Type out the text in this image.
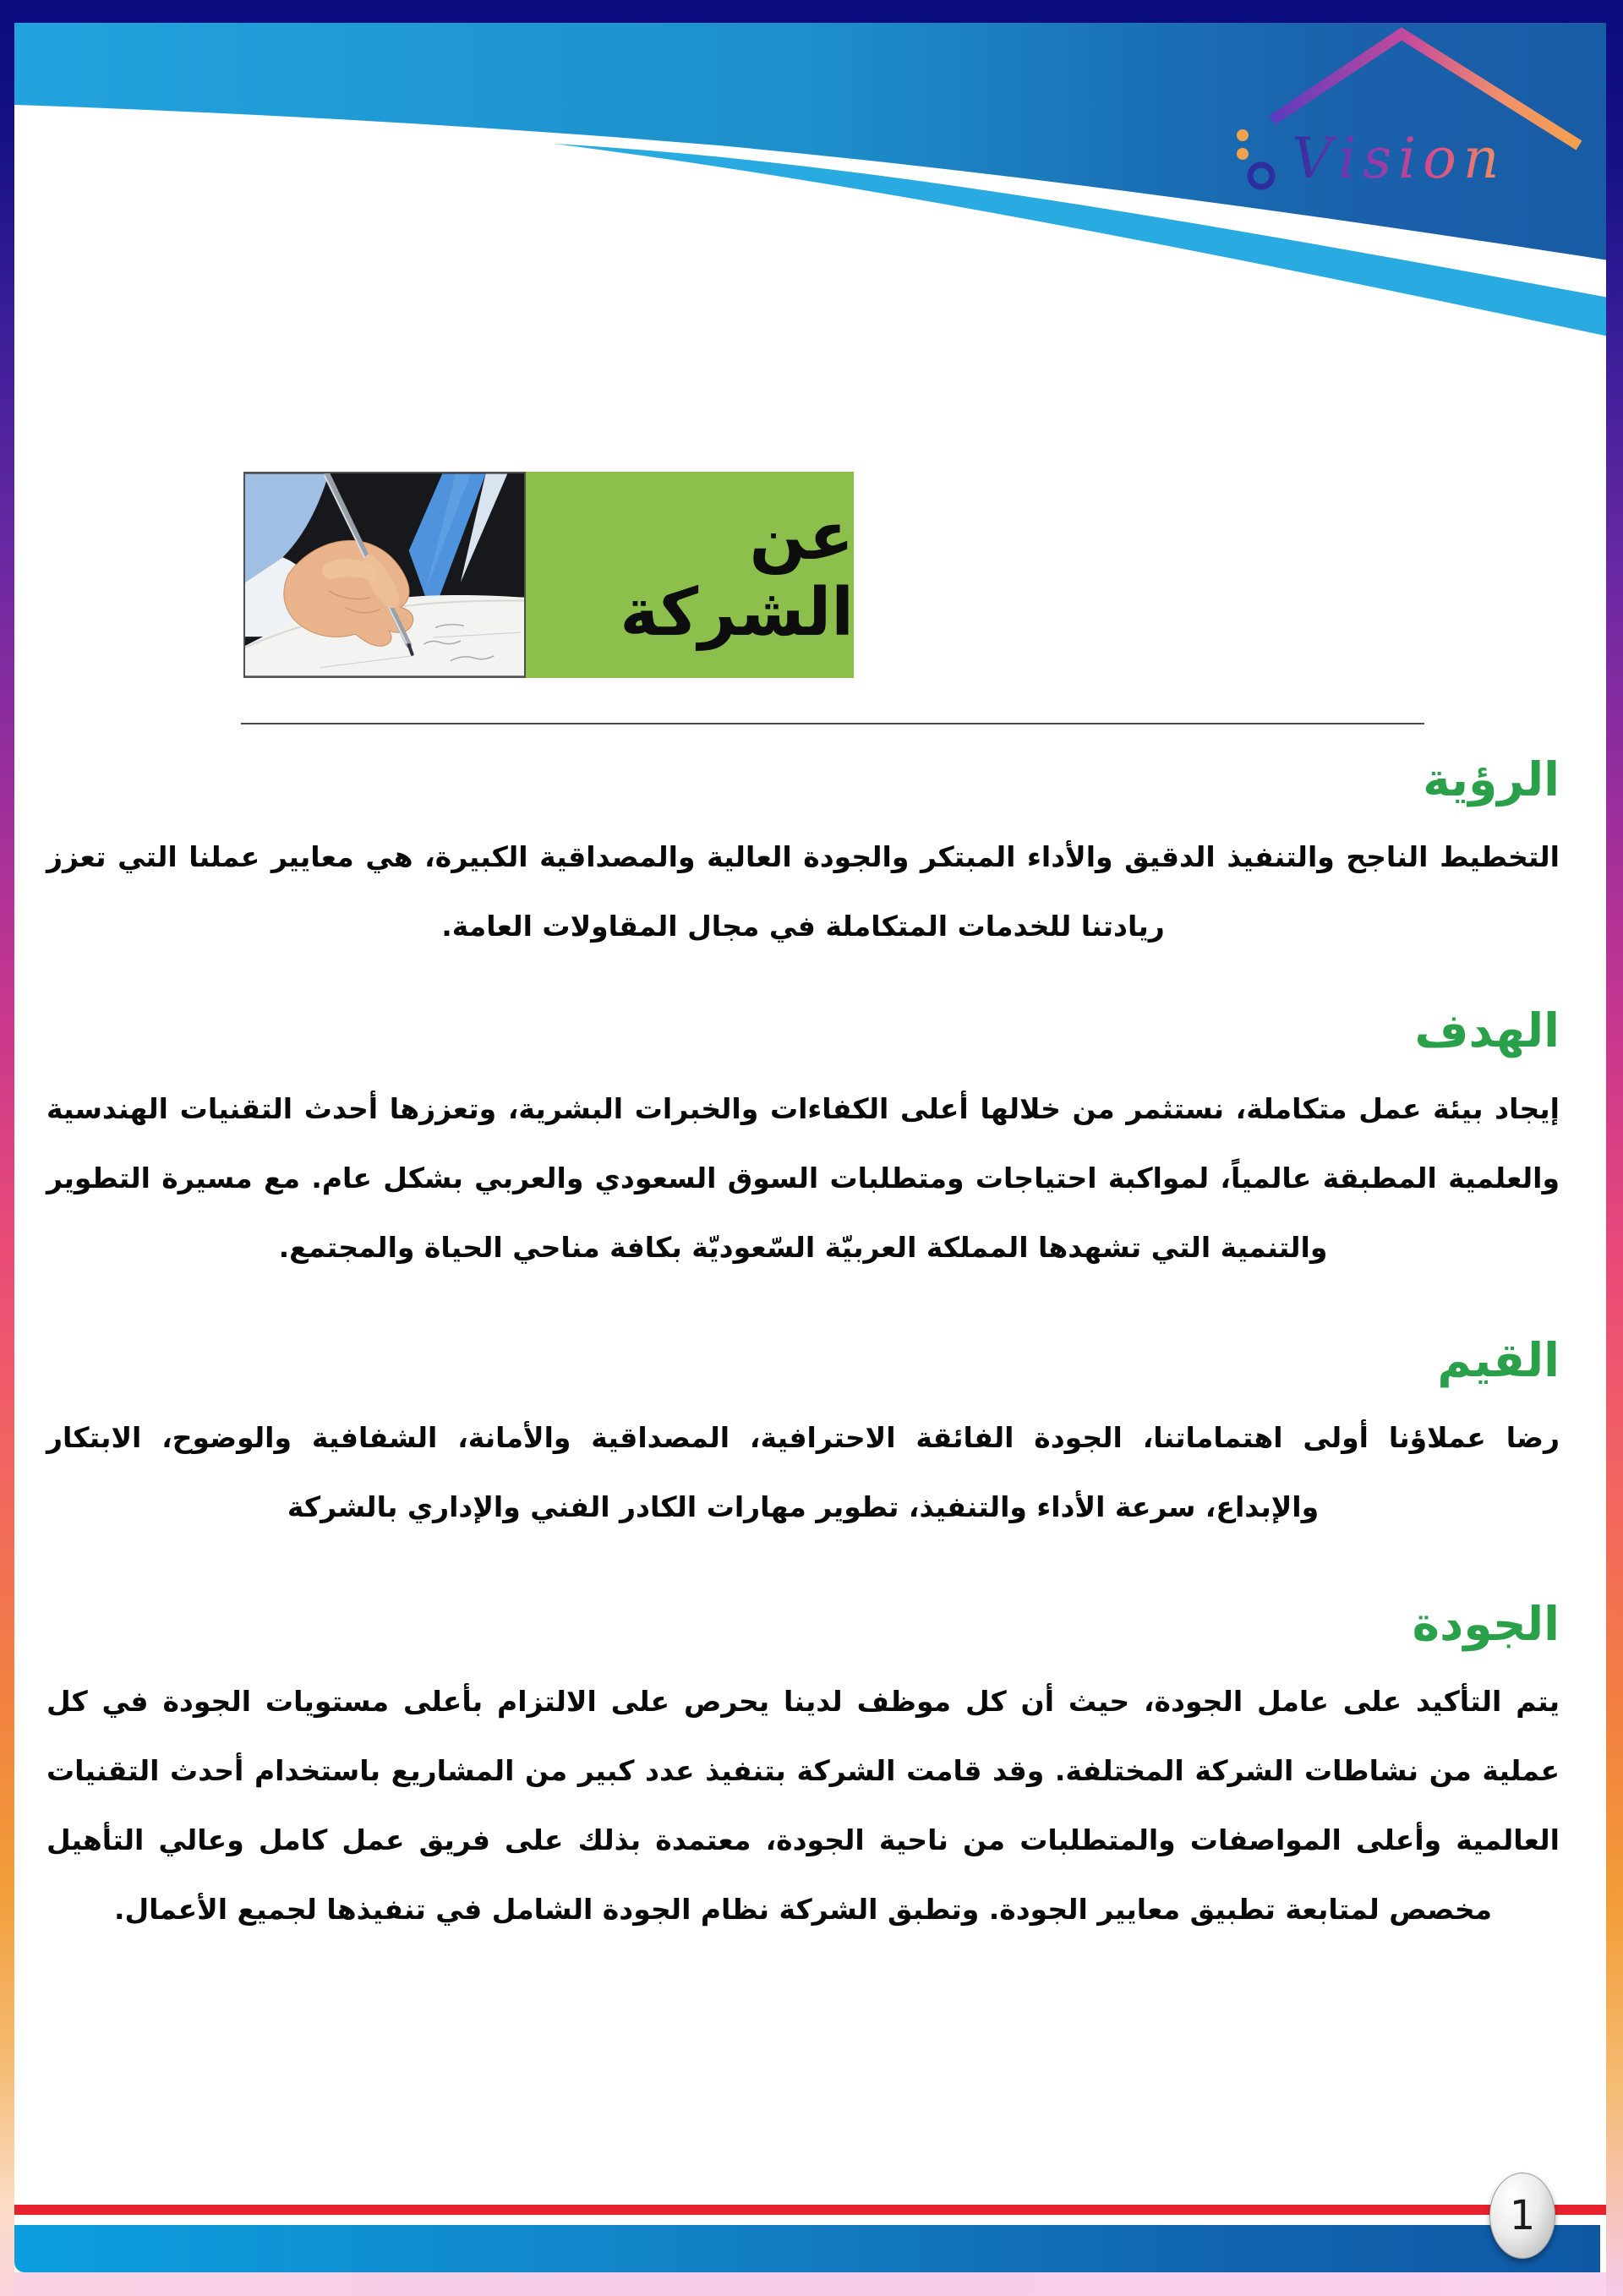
Vision
عن الشركة
الرؤية

التخطيط الناجح والتنفيذ الدقيق والأداء المبتكر والجودة العالية والمصداقية الكبيرة، هي معايير عملنا التي تعزز ريادتنا للخدمات المتكاملة في مجال المقاولات العامة.

الهدف

إيجاد بيئة عمل متكاملة، نستثمر من خلالها أعلى الكفاءات والخبرات البشرية، وتعززها أحدث التقنيات الهندسية والعلمية المطبقة عالمياً، لمواكبة احتياجات ومتطلبات السوق السعودي والعربي بشكل عام. مع مسيرة التطوير والتنمية التي تشهدها المملكة العربيّة السّعوديّة بكافة مناحي الحياة والمجتمع.

القيم

رضا عملاؤنا أولى اهتماماتنا، الجودة الفائقة الاحترافية، المصداقية والأمانة، الشفافية والوضوح، الابتكار والإبداع، سرعة الأداء والتنفيذ، تطوير مهارات الكادر الفني والإداري بالشركة

الجودة

يتم التأكيد على عامل الجودة، حيث أن كل موظف لدينا يحرص على الالتزام بأعلى مستويات الجودة في كل عملية من نشاطات الشركة المختلفة. وقد قامت الشركة بتنفيذ عدد كبير من المشاريع باستخدام أحدث التقنيات العالمية وأعلى المواصفات والمتطلبات من ناحية الجودة، معتمدة بذلك على فريق عمل كامل وعالي التأهيل مخصص لمتابعة تطبيق معايير الجودة. وتطبق الشركة نظام الجودة الشامل في تنفيذها لجميع الأعمال.

1
